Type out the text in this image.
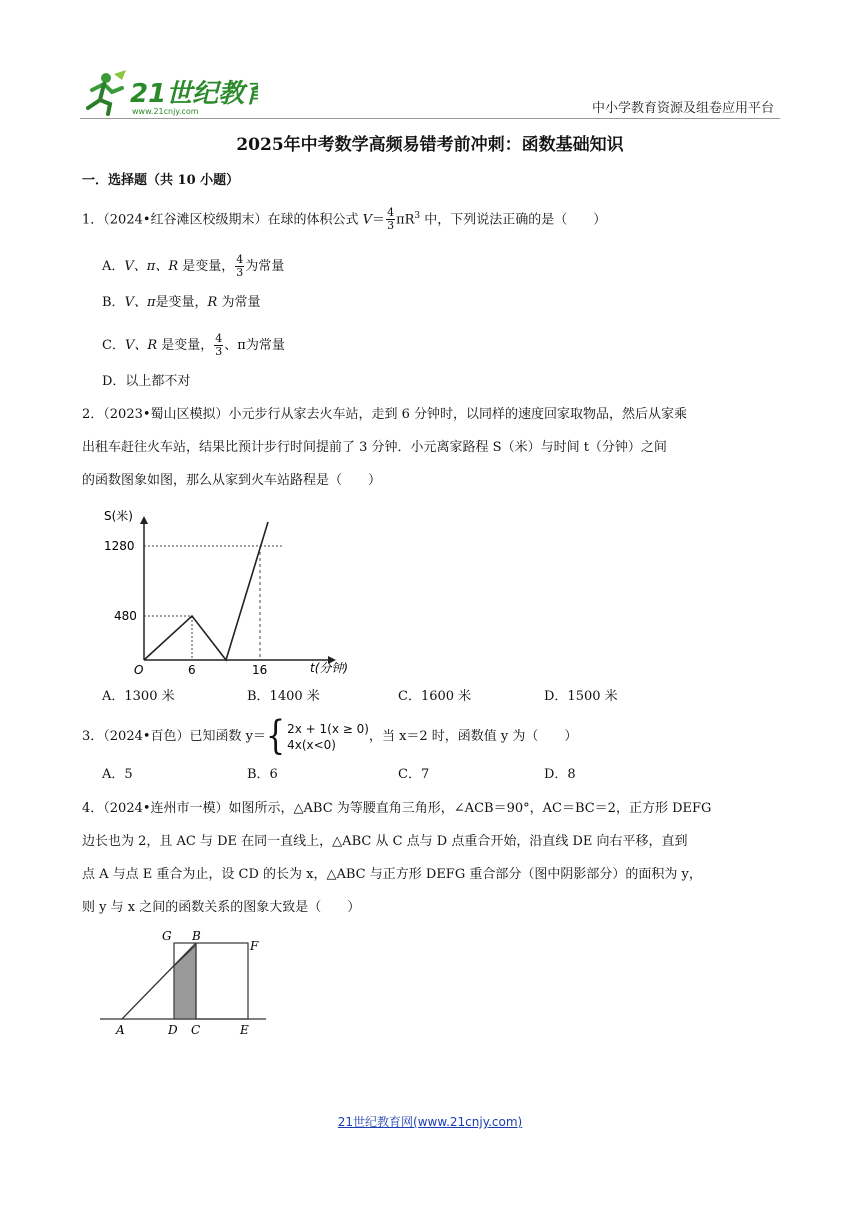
21世纪教育
www.21cnjy.com	中小学教育资源及组卷应用平台
2025年中考数学高频易错考前冲刺：函数基础知识
一．选择题（共 10 小题）
1．（2024•红谷滩区校级期末）在球的体积公式 $V= \frac{4}{3} \pi R^3$ 中，下列说法正确的是（　　）
A．V、π、R 是变量， $\frac{4}{3}$ 为常量
B．V、π是变量，R 为常量
C．V、R 是变量， $\frac{4}{3}$ 、π为常量
D．以上都不对
2．（2023•蜀山区模拟）小元步行从家去火车站，走到 6 分钟时，以同样的速度回家取物品，然后从家乘
出租车赶往火车站，结果比预计步行时间提前了 3 分钟．小元离家路程 S（米）与时间 t（分钟）之间
的函数图象如图，那么从家到火车站路程是（　　）
S(米)
t(分钟)
O
1280
480
6	16
A．1300 米	B．1400 米	C．1600 米	D．1500 米
3．（2024•百色）已知函数 y＝{ 2x + 1(x ≥ 0)
4x(x<0)
，当 x＝2 时，函数值 y 为（　　）
A．5	B．6	C．7	D．8
4．（2024•连州市一模）如图所示，△ABC 为等腰直角三角形，∠ACB＝90°，AC＝BC＝2，正方形 DEFG
边长也为 2，且 AC 与 DE 在同一直线上，△ABC 从 C 点与 D 点重合开始，沿直线 DE 向右平移，直到
点 A 与点 E 重合为止，设 CD 的长为 x，△ABC 与正方形 DEFG 重合部分（图中阴影部分）的面积为 y，
则 y 与 x 之间的函数关系的图象大致是（　　）
G B
F
A	D C	E
21世纪教育网(www.21cnjy.com)
